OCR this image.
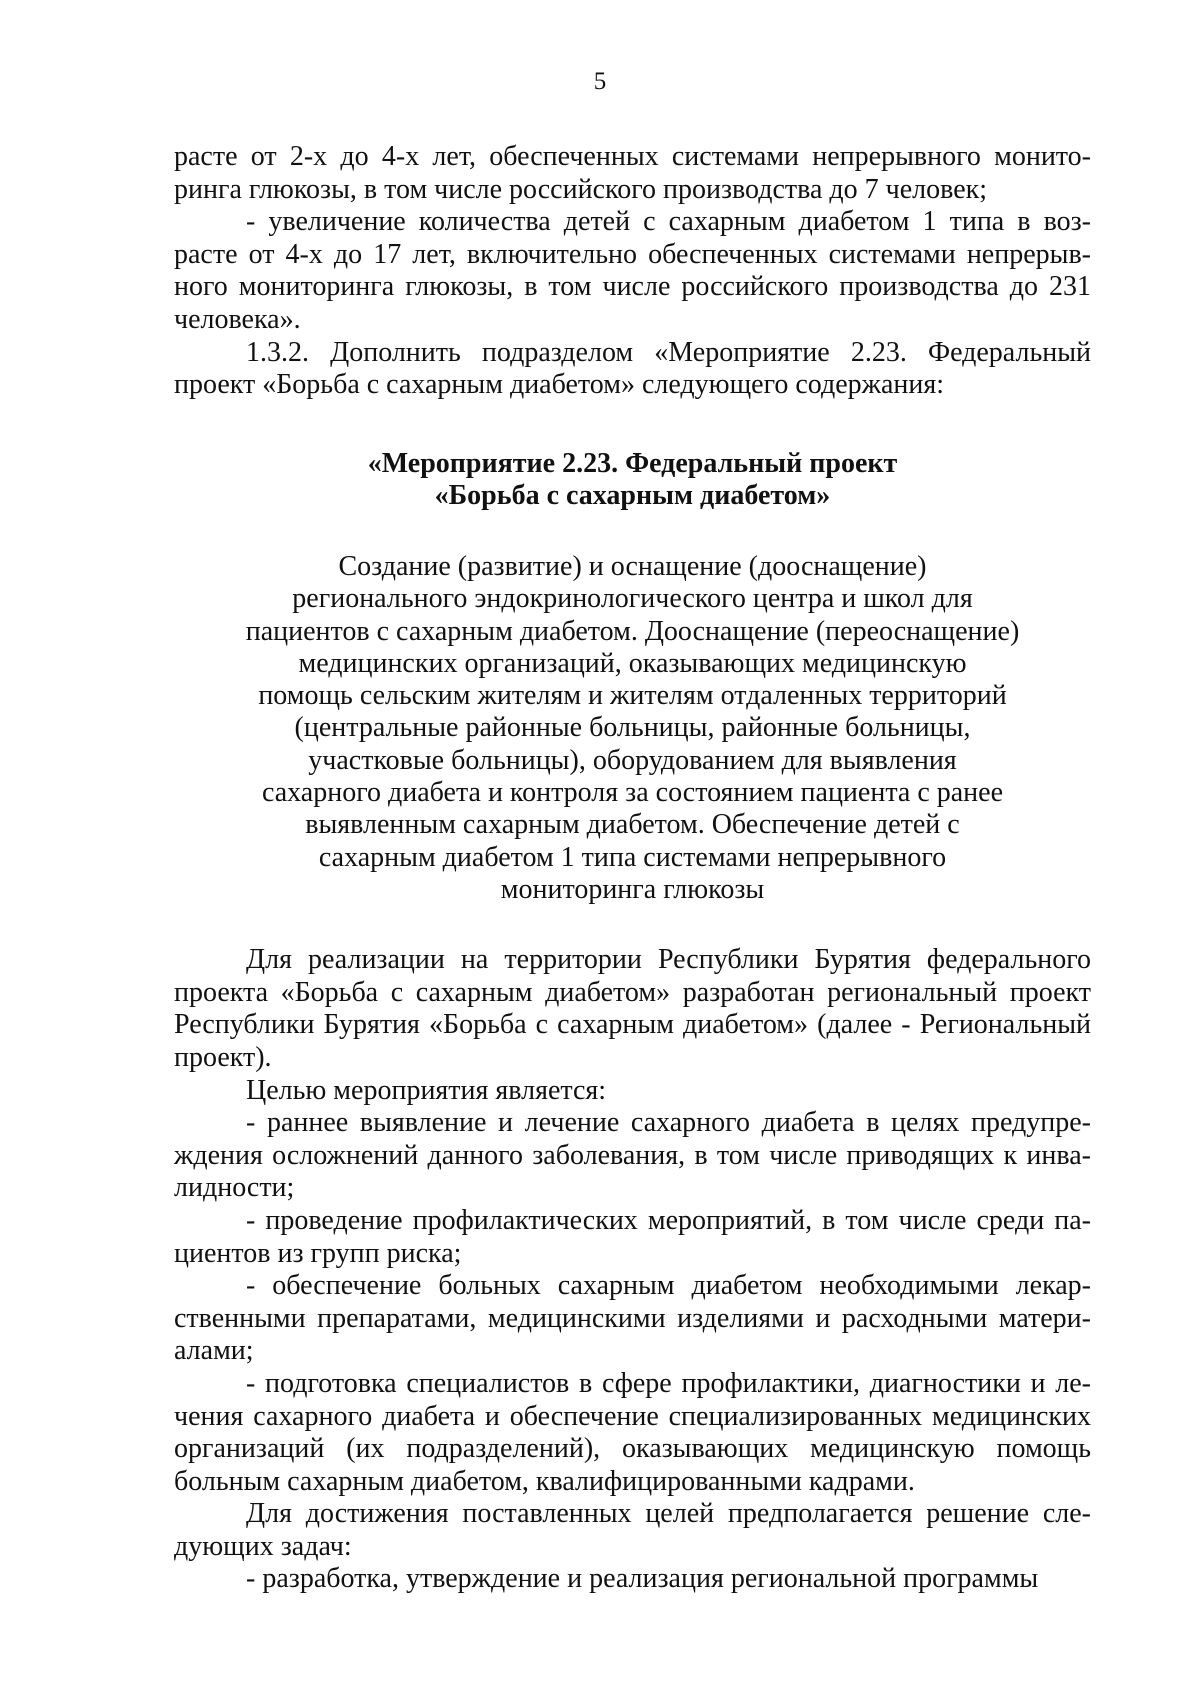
5
расте от 2-х до 4-х лет, обеспеченных системами непрерывного монито-
ринга глюкозы, в том числе российского производства до 7 человек;
- увеличение количества детей с сахарным диабетом 1 типа в воз-
расте от 4-х до 17 лет, включительно обеспеченных системами непрерыв-
ного мониторинга глюкозы, в том числе российского производства до 231
человека».
1.3.2. Дополнить подразделом «Мероприятие 2.23. Федеральный
проект «Борьба с сахарным диабетом» следующего содержания:
«Мероприятие 2.23. Федеральный проект
«Борьба с сахарным диабетом»
Создание (развитие) и оснащение (дооснащение)
регионального эндокринологического центра и школ для
пациентов с сахарным диабетом. Дооснащение (переоснащение)
медицинских организаций, оказывающих медицинскую
помощь сельским жителям и жителям отдаленных территорий
(центральные районные больницы, районные больницы,
участковые больницы), оборудованием для выявления
сахарного диабета и контроля за состоянием пациента с ранее
выявленным сахарным диабетом. Обеспечение детей с
сахарным диабетом 1 типа системами непрерывного
мониторинга глюкозы
Для реализации на территории Республики Бурятия федерального
проекта «Борьба с сахарным диабетом» разработан региональный проект
Республики Бурятия «Борьба с сахарным диабетом» (далее - Региональный
проект).
Целью мероприятия является:
- раннее выявление и лечение сахарного диабета в целях предупре-
ждения осложнений данного заболевания, в том числе приводящих к инва-
лидности;
- проведение профилактических мероприятий, в том числе среди па-
циентов из групп риска;
- обеспечение больных сахарным диабетом необходимыми лекар-
ственными препаратами, медицинскими изделиями и расходными матери-
алами;
- подготовка специалистов в сфере профилактики, диагностики и ле-
чения сахарного диабета и обеспечение специализированных медицинских
организаций (их подразделений), оказывающих медицинскую помощь
больным сахарным диабетом, квалифицированными кадрами.
Для достижения поставленных целей предполагается решение сле-
дующих задач:
- разработка, утверждение и реализация региональной программы
